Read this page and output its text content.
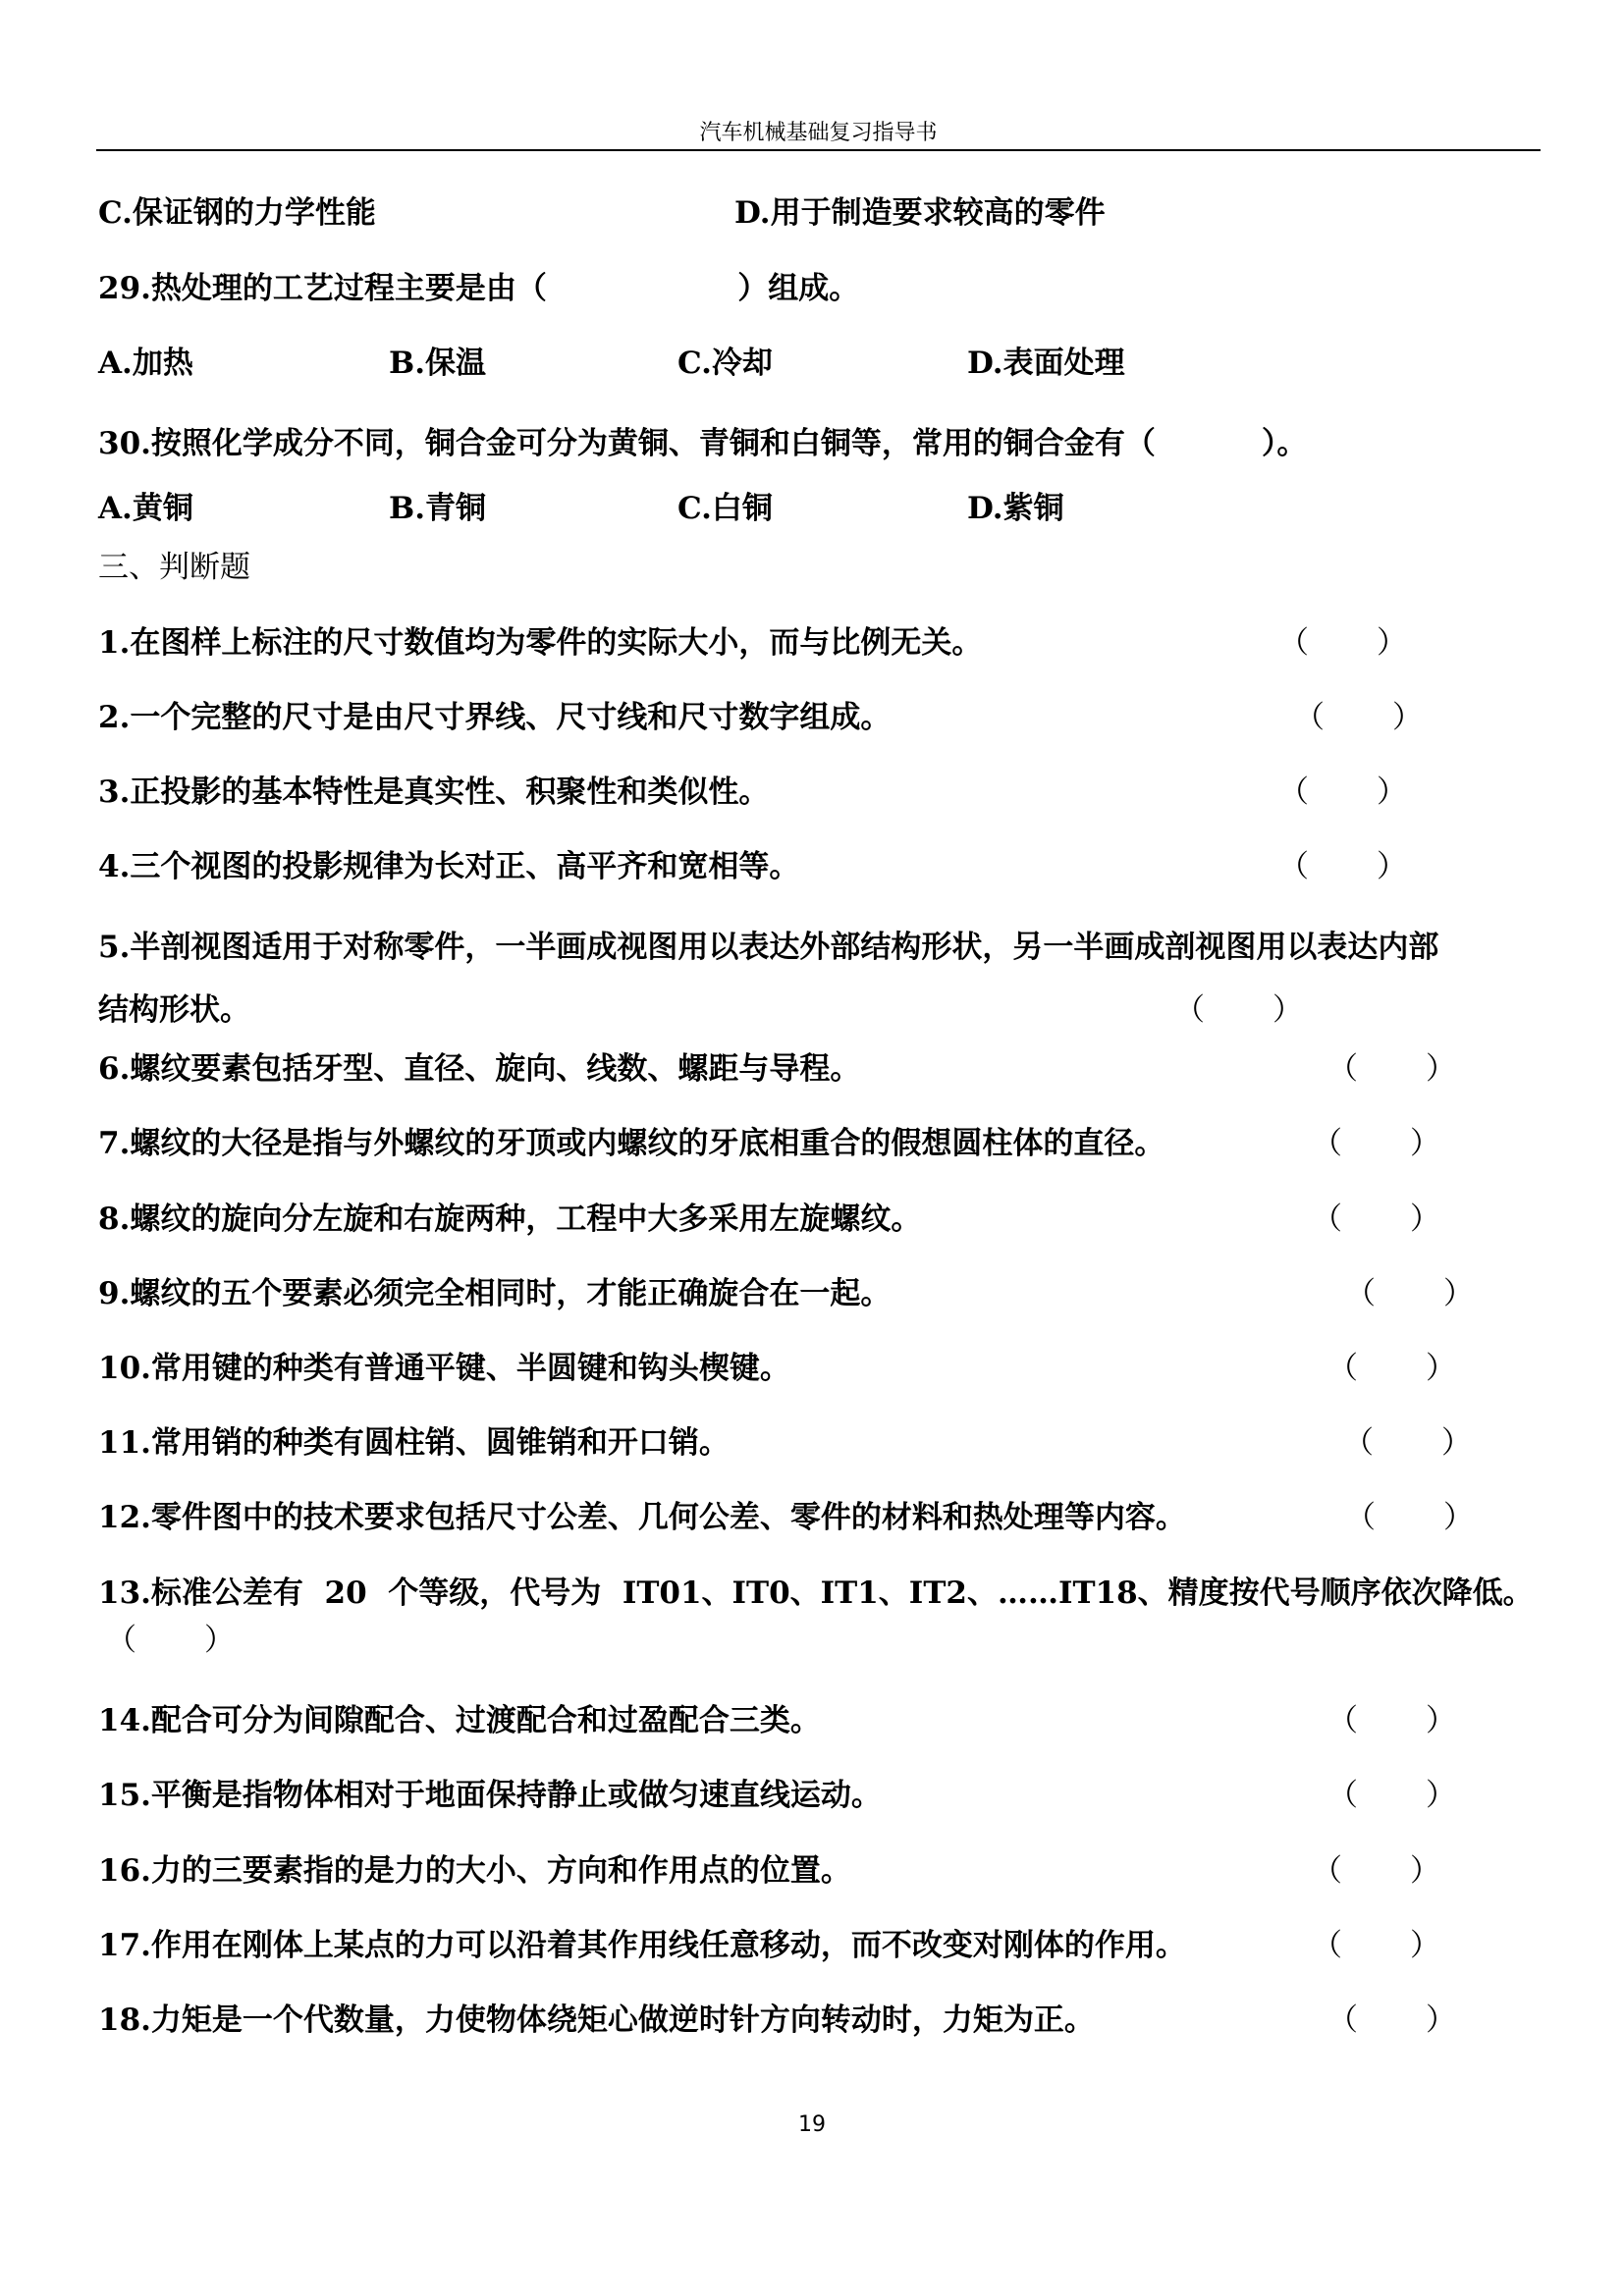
汽车机械基础复习指导书
C.保证钢的力学性能	D.用于制造要求较高的零件
29.热处理的工艺过程主要是由（                  ）组成。
A.加热	B.保温	C.冷却	D.表面处理
30.按照化学成分不同，铜合金可分为黄铜、青铜和白铜等，常用的铜合金有（          ）。
A.黄铜	B.青铜	C.白铜	D.紫铜
三、判断题
1.在图样上标注的尺寸数值均为零件的实际大小，而与比例无关。	（       ）
2.一个完整的尺寸是由尺寸界线、尺寸线和尺寸数字组成。	（       ）
3.正投影的基本特性是真实性、积聚性和类似性。	（       ）
4.三个视图的投影规律为长对正、高平齐和宽相等。	（       ）
5.半剖视图适用于对称零件，一半画成视图用以表达外部结构形状，另一半画成剖视图用以表达内部
结构形状。	（       ）
6.螺纹要素包括牙型、直径、旋向、线数、螺距与导程。	（       ）
7.螺纹的大径是指与外螺纹的牙顶或内螺纹的牙底相重合的假想圆柱体的直径。	（       ）
8.螺纹的旋向分左旋和右旋两种，工程中大多采用左旋螺纹。	（       ）
9.螺纹的五个要素必须完全相同时，才能正确旋合在一起。	（       ）
10.常用键的种类有普通平键、半圆键和钩头楔键。	（       ）
11.常用销的种类有圆柱销、圆锥销和开口销。	（       ）
12.零件图中的技术要求包括尺寸公差、几何公差、零件的材料和热处理等内容。	（       ）
13.标准公差有  20  个等级，代号为  IT01、IT0、IT1、IT2、……IT18、精度按代号顺序依次降低。
（       ）
14.配合可分为间隙配合、过渡配合和过盈配合三类。	（       ）
15.平衡是指物体相对于地面保持静止或做匀速直线运动。	（       ）
16.力的三要素指的是力的大小、方向和作用点的位置。	（       ）
17.作用在刚体上某点的力可以沿着其作用线任意移动，而不改变对刚体的作用。	（       ）
18.力矩是一个代数量，力使物体绕矩心做逆时针方向转动时，力矩为正。	（       ）
19
